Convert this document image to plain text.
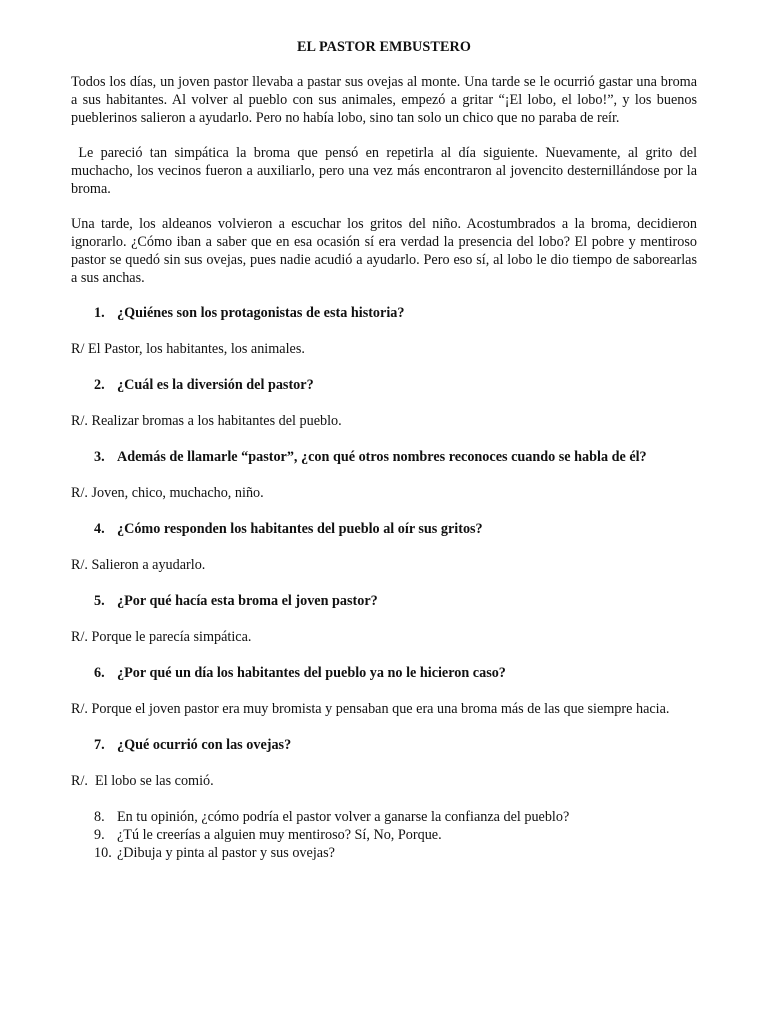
EL PASTOR EMBUSTERO
Todos los días, un joven pastor llevaba a pastar sus ovejas al monte. Una tarde se le ocurrió gastar una broma a sus habitantes. Al volver al pueblo con sus animales, empezó a gritar “¡El lobo, el lobo!”, y los buenos pueblerinos salieron a ayudarlo. Pero no había lobo, sino tan solo un chico que no paraba de reír.
Le pareció tan simpática la broma que pensó en repetirla al día siguiente. Nuevamente, al grito del muchacho, los vecinos fueron a auxiliarlo, pero una vez más encontraron al jovencito desternillándose por la broma.
Una tarde, los aldeanos volvieron a escuchar los gritos del niño. Acostumbrados a la broma, decidieron ignorarlo. ¿Cómo iban a saber que en esa ocasión sí era verdad la presencia del lobo? El pobre y mentiroso pastor se quedó sin sus ovejas, pues nadie acudió a ayudarlo. Pero eso sí, al lobo le dio tiempo de saborearlas a sus anchas.
1. ¿Quiénes son los protagonistas de esta historia?
R/ El Pastor, los habitantes, los animales.
2. ¿Cuál es la diversión del pastor?
R/. Realizar bromas a los habitantes del pueblo.
3. Además de llamarle “pastor”, ¿con qué otros nombres reconoces cuando se habla de él?
R/. Joven, chico, muchacho, niño.
4. ¿Cómo responden los habitantes del pueblo al oír sus gritos?
R/. Salieron a ayudarlo.
5. ¿Por qué hacía esta broma el joven pastor?
R/. Porque le parecía simpática.
6. ¿Por qué un día los habitantes del pueblo ya no le hicieron caso?
R/. Porque el joven pastor era muy bromista y pensaban que era una broma más de las que siempre hacia.
7. ¿Qué ocurrió con las ovejas?
R/.  El lobo se las comió.
8. En tu opinión, ¿cómo podría el pastor volver a ganarse la confianza del pueblo?
9. ¿Tú le creerías a alguien muy mentiroso? Sí, No, Porque.
10. ¿Dibuja y pinta al pastor y sus ovejas?
